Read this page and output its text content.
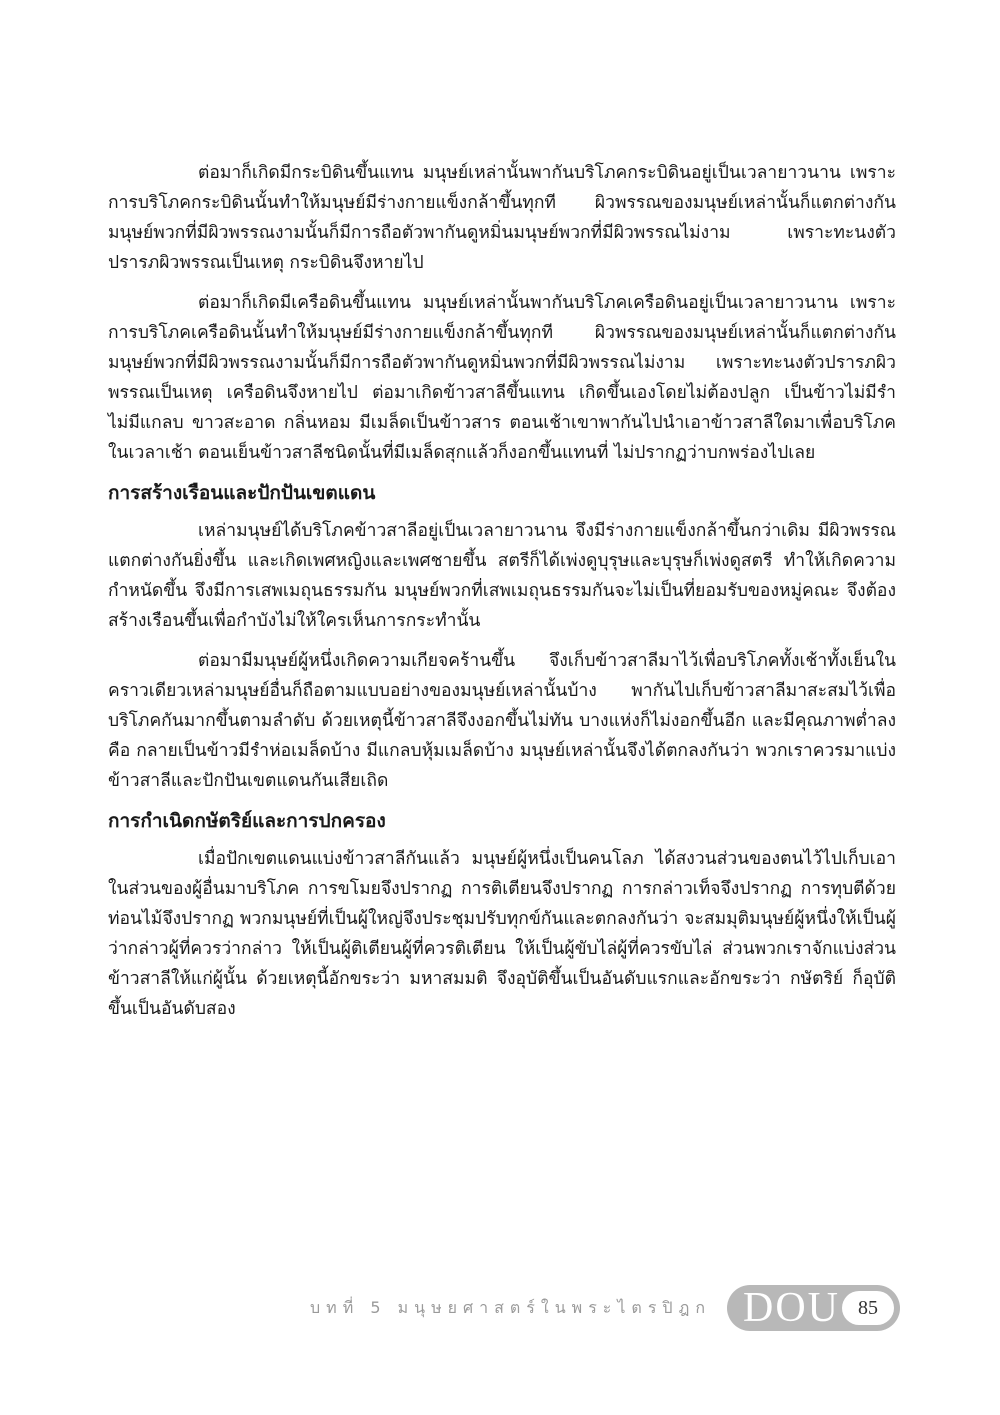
ต่อมาก็เกิดมีกระบิดินขึ้นแทน มนุษย์เหล่านั้นพากันบริโภคกระบิดินอยู่เป็นเวลายาวนาน เพราะการบริโภคกระบิดินนั้นทำให้มนุษย์มีร่างกายแข็งกล้าขึ้นทุกที ผิวพรรณของมนุษย์เหล่านั้นก็แตกต่างกัน มนุษย์พวกที่มีผิวพรรณงามนั้นก็มีการถือตัวพากันดูหมิ่นมนุษย์พวกที่มีผิวพรรณไม่งาม เพราะทะนงตัวปรารภผิวพรรณเป็นเหตุ กระบิดินจึงหายไป

ต่อมาก็เกิดมีเครือดินขึ้นแทน มนุษย์เหล่านั้นพากันบริโภคเครือดินอยู่เป็นเวลายาวนาน เพราะการบริโภคเครือดินนั้นทำให้มนุษย์มีร่างกายแข็งกล้าขึ้นทุกที ผิวพรรณของมนุษย์เหล่านั้นก็แตกต่างกัน มนุษย์พวกที่มีผิวพรรณงามนั้นก็มีการถือตัวพากันดูหมิ่นพวกที่มีผิวพรรณไม่งาม เพราะทะนงตัวปรารภผิวพรรณเป็นเหตุ เครือดินจึงหายไป ต่อมาเกิดข้าวสาลีขึ้นแทน เกิดขึ้นเองโดยไม่ต้องปลูก เป็นข้าวไม่มีรำ ไม่มีแกลบ ขาวสะอาด กลิ่นหอม มีเมล็ดเป็นข้าวสาร ตอนเช้าเขาพากันไปนำเอาข้าวสาลีใดมาเพื่อบริโภคในเวลาเช้า ตอนเย็นข้าวสาลีชนิดนั้นที่มีเมล็ดสุกแล้วก็งอกขึ้นแทนที่ ไม่ปรากฏว่าบกพร่องไปเลย

การสร้างเรือนและปักปันเขตแดน

เหล่ามนุษย์ได้บริโภคข้าวสาลีอยู่เป็นเวลายาวนาน จึงมีร่างกายแข็งกล้าขึ้นกว่าเดิม มีผิวพรรณแตกต่างกันยิ่งขึ้น และเกิดเพศหญิงและเพศชายขึ้น สตรีก็ได้เพ่งดูบุรุษและบุรุษก็เพ่งดูสตรี ทำให้เกิดความกำหนัดขึ้น จึงมีการเสพเมถุนธรรมกัน มนุษย์พวกที่เสพเมถุนธรรมกันจะไม่เป็นที่ยอมรับของหมู่คณะ จึงต้องสร้างเรือนขึ้นเพื่อกำบังไม่ให้ใครเห็นการกระทำนั้น

ต่อมามีมนุษย์ผู้หนึ่งเกิดความเกียจคร้านขึ้น จึงเก็บข้าวสาลีมาไว้เพื่อบริโภคทั้งเช้าทั้งเย็นในคราวเดียวเหล่ามนุษย์อื่นก็ถือตามแบบอย่างของมนุษย์เหล่านั้นบ้าง พากันไปเก็บข้าวสาลีมาสะสมไว้เพื่อบริโภคกันมากขึ้นตามลำดับ ด้วยเหตุนี้ข้าวสาลีจึงงอกขึ้นไม่ทัน บางแห่งก็ไม่งอกขึ้นอีก และมีคุณภาพต่ำลงคือ กลายเป็นข้าวมีรำห่อเมล็ดบ้าง มีแกลบหุ้มเมล็ดบ้าง มนุษย์เหล่านั้นจึงได้ตกลงกันว่า พวกเราควรมาแบ่งข้าวสาลีและปักปันเขตแดนกันเสียเถิด

การกำเนิดกษัตริย์และการปกครอง

เมื่อปักเขตแดนแบ่งข้าวสาลีกันแล้ว มนุษย์ผู้หนึ่งเป็นคนโลภ ได้สงวนส่วนของตนไว้ไปเก็บเอาในส่วนของผู้อื่นมาบริโภค การขโมยจึงปรากฏ การติเตียนจึงปรากฏ การกล่าวเท็จจึงปรากฏ การทุบตีด้วยท่อนไม้จึงปรากฏ พวกมนุษย์ที่เป็นผู้ใหญ่จึงประชุมปรับทุกข์กันและตกลงกันว่า จะสมมุติมนุษย์ผู้หนึ่งให้เป็นผู้ว่ากล่าวผู้ที่ควรว่ากล่าว ให้เป็นผู้ติเตียนผู้ที่ควรติเตียน ให้เป็นผู้ขับไล่ผู้ที่ควรขับไล่ ส่วนพวกเราจักแบ่งส่วนข้าวสาลีให้แก่ผู้นั้น ด้วยเหตุนี้อักขระว่า มหาสมมติ จึงอุบัติขึ้นเป็นอันดับแรกและอักขระว่า กษัตริย์ ก็อุบัติขึ้นเป็นอันดับสอง

บทที่ 5 มนุษยศาสตร์ในพระไตรปิฎก DOU 85
